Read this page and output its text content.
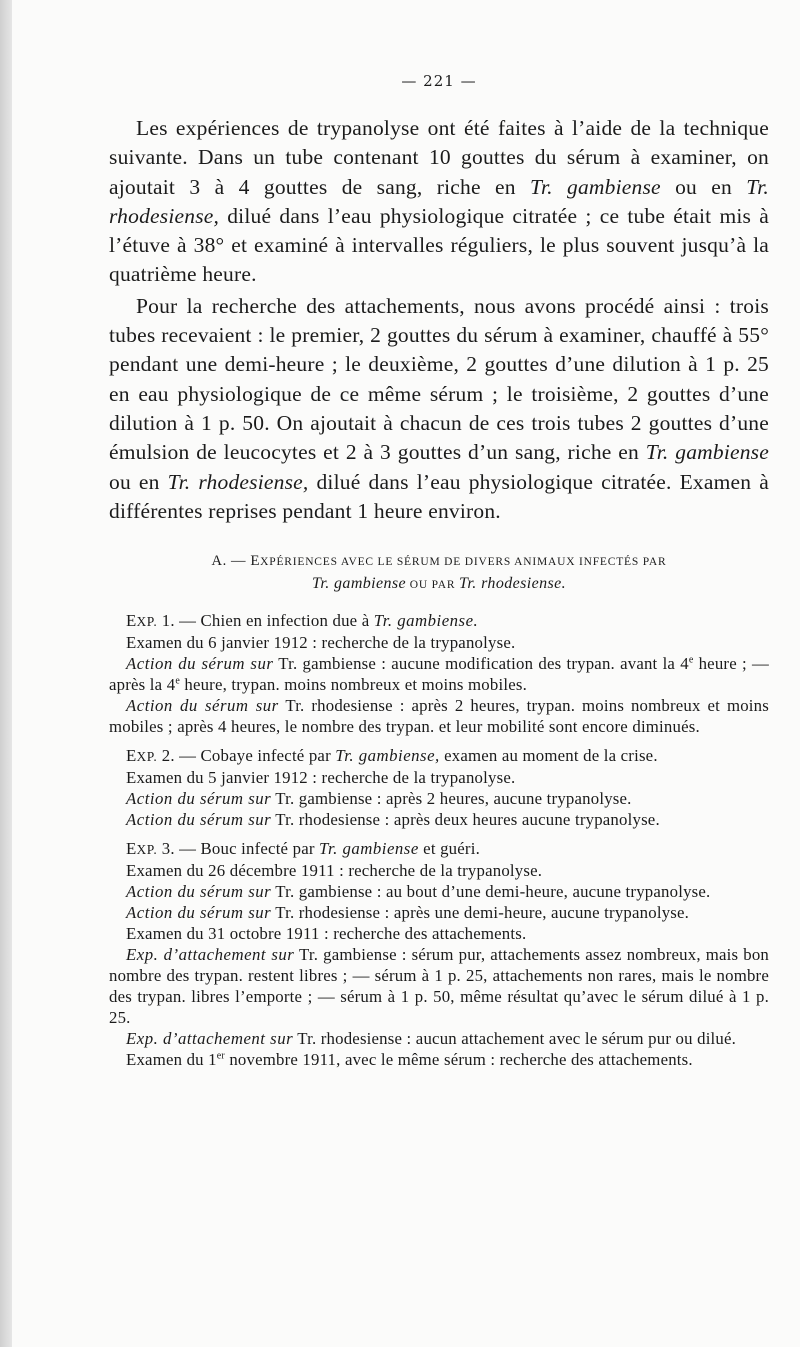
— 221 —

Les expériences de trypanolyse ont été faites à l’aide de la technique suivante. Dans un tube contenant 10 gouttes du sérum à examiner, on ajoutait 3 à 4 gouttes de sang, riche en Tr. gambiense ou en Tr. rhodesiense, dilué dans l’eau physiologique citratée ; ce tube était mis à l’étuve à 38° et examiné à intervalles réguliers, le plus souvent jusqu’à la quatrième heure.

Pour la recherche des attachements, nous avons procédé ainsi : trois tubes recevaient : le premier, 2 gouttes du sérum à examiner, chauffé à 55° pendant une demi-heure ; le deuxième, 2 gouttes d’une dilution à 1 p. 25 en eau physiologique de ce même sérum ; le troisième, 2 gouttes d’une dilution à 1 p. 50. On ajoutait à chacun de ces trois tubes 2 gouttes d’une émulsion de leucocytes et 2 à 3 gouttes d’un sang, riche en Tr. gambiense ou en Tr. rhodesiense, dilué dans l’eau physiologique citratée. Examen à différentes reprises pendant 1 heure environ.

A. — EXPÉRIENCES AVEC LE SÉRUM DE DIVERS ANIMAUX INFECTÉS PAR
Tr. gambiense OU PAR Tr. rhodesiense.

EXP. 1. — Chien en infection due à Tr. gambiense.

Examen du 6 janvier 1912 : recherche de la trypanolyse.

Action du sérum sur Tr. gambiense : aucune modification des trypan. avant la 4e heure ; — après la 4e heure, trypan. moins nombreux et moins mobiles.

Action du sérum sur Tr. rhodesiense : après 2 heures, trypan. moins nombreux et moins mobiles ; après 4 heures, le nombre des trypan. et leur mobilité sont encore diminués.

EXP. 2. — Cobaye infecté par Tr. gambiense, examen au moment de la crise.

Examen du 5 janvier 1912 : recherche de la trypanolyse.

Action du sérum sur Tr. gambiense : après 2 heures, aucune trypanolyse.

Action du sérum sur Tr. rhodesiense : après deux heures aucune trypanolyse.

EXP. 3. — Bouc infecté par Tr. gambiense et guéri.

Examen du 26 décembre 1911 : recherche de la trypanolyse.

Action du sérum sur Tr. gambiense : au bout d’une demi-heure, aucune trypanolyse.

Action du sérum sur Tr. rhodesiense : après une demi-heure, aucune trypanolyse.

Examen du 31 octobre 1911 : recherche des attachements.

Exp. d’attachement sur Tr. gambiense : sérum pur, attachements assez nombreux, mais bon nombre des trypan. restent libres ; — sérum à 1 p. 25, attachements non rares, mais le nombre des trypan. libres l’emporte ; — sérum à 1 p. 50, même résultat qu’avec le sérum dilué à 1 p. 25.

Exp. d’attachement sur Tr. rhodesiense : aucun attachement avec le sérum pur ou dilué.

Examen du 1er novembre 1911, avec le même sérum : recherche des attachements.
